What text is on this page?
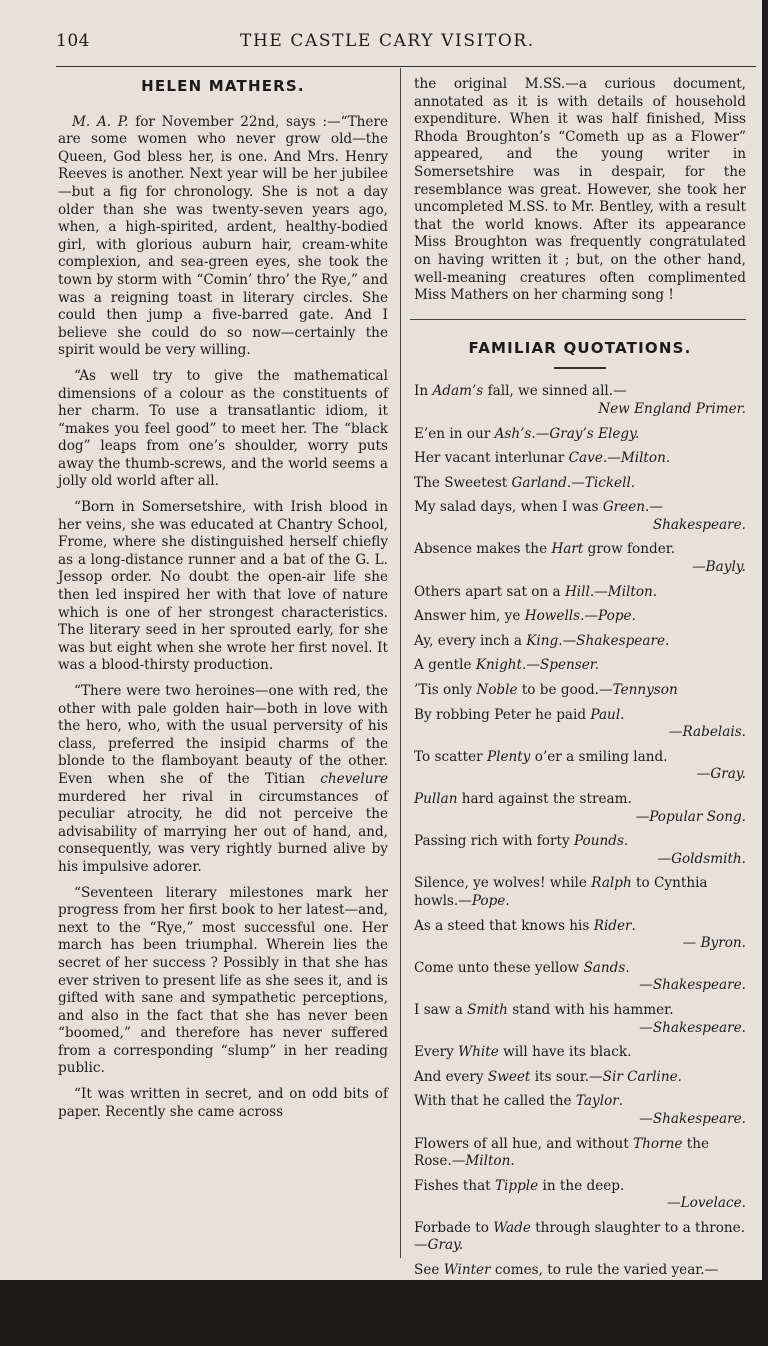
104	THE CASTLE CARY VISITOR.
HELEN MATHERS.

M. A. P. for November 22nd, says :—“There are some women who never grow old—the Queen, God bless her, is one. And Mrs. Henry Reeves is another. Next year will be her jubilee—but a fig for chronology. She is not a day older than she was twenty-seven years ago, when, a high-spirited, ardent, healthy-bodied girl, with glorious auburn hair, cream-white complexion, and sea-green eyes, she took the town by storm with “Comin’ thro’ the Rye,” and was a reigning toast in literary circles. She could then jump a five-barred gate. And I believe she could do so now—certainly the spirit would be very willing.

“As well try to give the mathematical dimensions of a colour as the constituents of her charm. To use a transatlantic idiom, it “makes you feel good” to meet her. The “black dog” leaps from one’s shoulder, worry puts away the thumb-screws, and the world seems a jolly old world after all.

“Born in Somersetshire, with Irish blood in her veins, she was educated at Chantry School, Frome, where she distinguished herself chiefly as a long-distance runner and a bat of the G. L. Jessop order. No doubt the open-air life she then led inspired her with that love of nature which is one of her strongest characteristics. The literary seed in her sprouted early, for she was but eight when she wrote her first novel. It was a blood-thirsty production.

“There were two heroines—one with red, the other with pale golden hair—both in love with the hero, who, with the usual perversity of his class, preferred the insipid charms of the blonde to the flamboyant beauty of the other. Even when she of the Titian chevelure murdered her rival in circumstances of peculiar atrocity, he did not perceive the advisability of marrying her out of hand, and, consequently, was very rightly burned alive by his impulsive adorer.

“Seventeen literary milestones mark her progress from her first book to her latest—and, next to the “Rye,” most successful one. Her march has been triumphal. Wherein lies the secret of her success ? Possibly in that she has ever striven to present life as she sees it, and is gifted with sane and sympathetic perceptions, and also in the fact that she has never been “boomed,” and therefore has never suffered from a corresponding “slump” in her reading public.

“It was written in secret, and on odd bits of paper. Recently she came across

the original M.SS.—a curious document, annotated as it is with details of household expenditure. When it was half finished, Miss Rhoda Broughton’s “Cometh up as a Flower” appeared, and the young writer in Somersetshire was in despair, for the resemblance was great. However, she took her uncompleted M.SS. to Mr. Bentley, with a result that the world knows. After its appearance Miss Broughton was frequently congratulated on having written it ; but, on the other hand, well-meaning creatures often complimented Miss Mathers on her charming song !

FAMILIAR QUOTATIONS.
In Adam’s fall, we sinned all.—
New England Primer.
E’en in our Ash’s.—Gray’s Elegy.
Her vacant interlunar Cave.—Milton.
The Sweetest Garland.—Tickell.
My salad days, when I was Green.—
Shakespeare.
Absence makes the Hart grow fonder.
—Bayly.
Others apart sat on a Hill.—Milton.
Answer him, ye Howells.—Pope.
Ay, every inch a King.—Shakespeare.
A gentle Knight.—Spenser.
’Tis only Noble to be good.—Tennyson
By robbing Peter he paid Paul.
—Rabelais.
To scatter Plenty o’er a smiling land.
—Gray.
Pullan hard against the stream.
—Popular Song.
Passing rich with forty Pounds.
—Goldsmith.
Silence, ye wolves! while Ralph to Cynthia howls.—Pope.
As a steed that knows his Rider.
— Byron.
Come unto these yellow Sands.
—Shakespeare.
I saw a Smith stand with his hammer.
—Shakespeare.
Every White will have its black.
And every Sweet its sour.—Sir Carline.
With that he called the Taylor.
—Shakespeare.
Flowers of all hue, and without Thorne the Rose.—Milton.
Fishes that Tipple in the deep.
—Lovelace.
Forbade to Wade through slaughter to a throne.—Gray.
See Winter comes, to rule the varied year.—Thomson.
The deep and gloomy Wood.
—Wordsworth.
